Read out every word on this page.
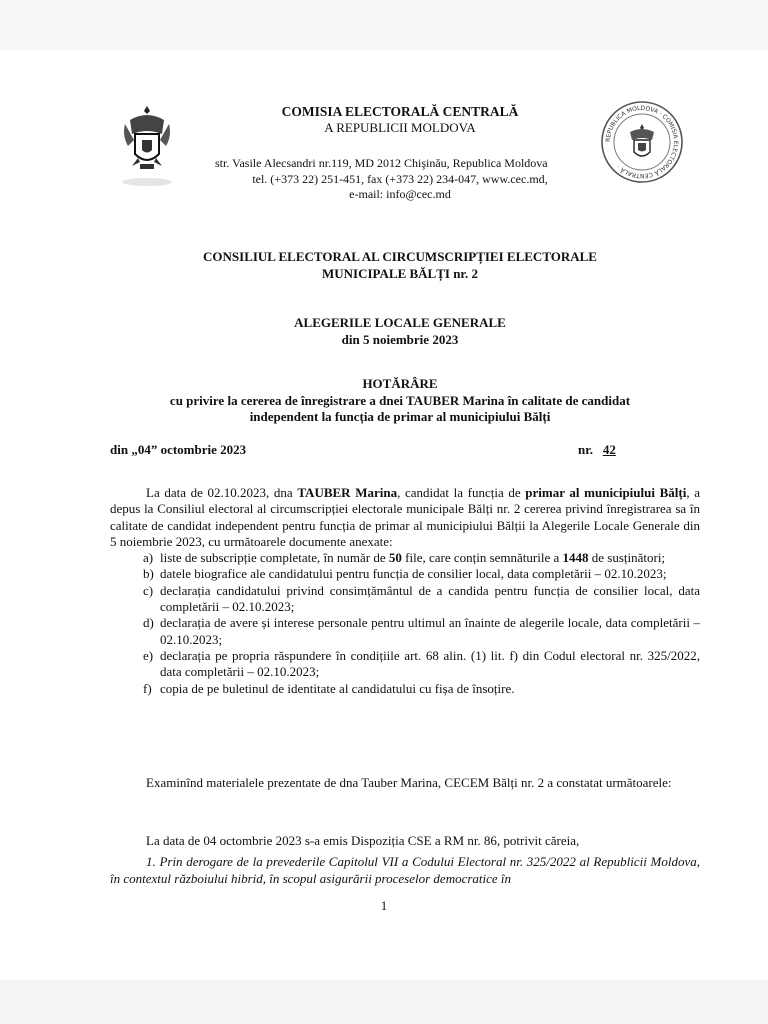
REPUBLICA MOLDOVA · COMISIA ELECTORALĂ CENTRALĂ ·
COMISIA ELECTORALĂ CENTRALĂ
A REPUBLICII MOLDOVA
str. Vasile Alecsandri nr.119, MD 2012 Chişinău, Republica Moldova
tel. (+373 22) 251-451, fax (+373 22) 234-047, www.cec.md,
e-mail: info@cec.md
CONSILIUL ELECTORAL AL CIRCUMSCRIPȚIEI ELECTORALE
MUNICIPALE BĂLȚI nr. 2
ALEGERILE LOCALE GENERALE
din 5 noiembrie 2023
HOTĂRÂRE
cu privire la cererea de înregistrare a dnei TAUBER Marina în calitate de candidat
independent la funcția de primar al municipiului Bălți
din „04” octombrie 2023	nr. 42

La data de 02.10.2023, dna TAUBER Marina, candidat la funcția de primar al municipiului Bălți, a depus la Consiliul electoral al circumscripției electorale municipale Bălți nr. 2 cererea privind înregistrarea sa în calitate de candidat independent pentru funcția de primar al municipiului Bălții la Alegerile Locale Generale din 5 noiembrie 2023, cu următoarele documente anexate:

a) liste de subscripție completate, în număr de 50 file, care conțin semnăturile a 1448 de susținători;
b) datele biografice ale candidatului pentru funcția de consilier local, data completării – 02.10.2023;
c) declarația candidatului privind consimțământul de a candida pentru funcția de consilier local, data completării – 02.10.2023;
d) declarația de avere și interese personale pentru ultimul an înainte de alegerile locale, data completării – 02.10.2023;
e) declarația pe propria răspundere în condițiile art. 68 alin. (1) lit. f) din Codul electoral nr. 325/2022, data completării – 02.10.2023;
f) copia de pe buletinul de identitate al candidatului cu fișa de însoțire.

Examinînd materialele prezentate de dna Tauber Marina, CECEM Bălți nr. 2 a constatat următoarele:

La data de 04 octombrie 2023 s-a emis Dispoziția CSE a RM nr. 86, potrivit căreia,

1. Prin derogare de la prevederile Capitolul VII a Codului Electoral nr. 325/2022 al Republicii Moldova, în contextul războiului hibrid, în scopul asigurării proceselor democratice în

1
